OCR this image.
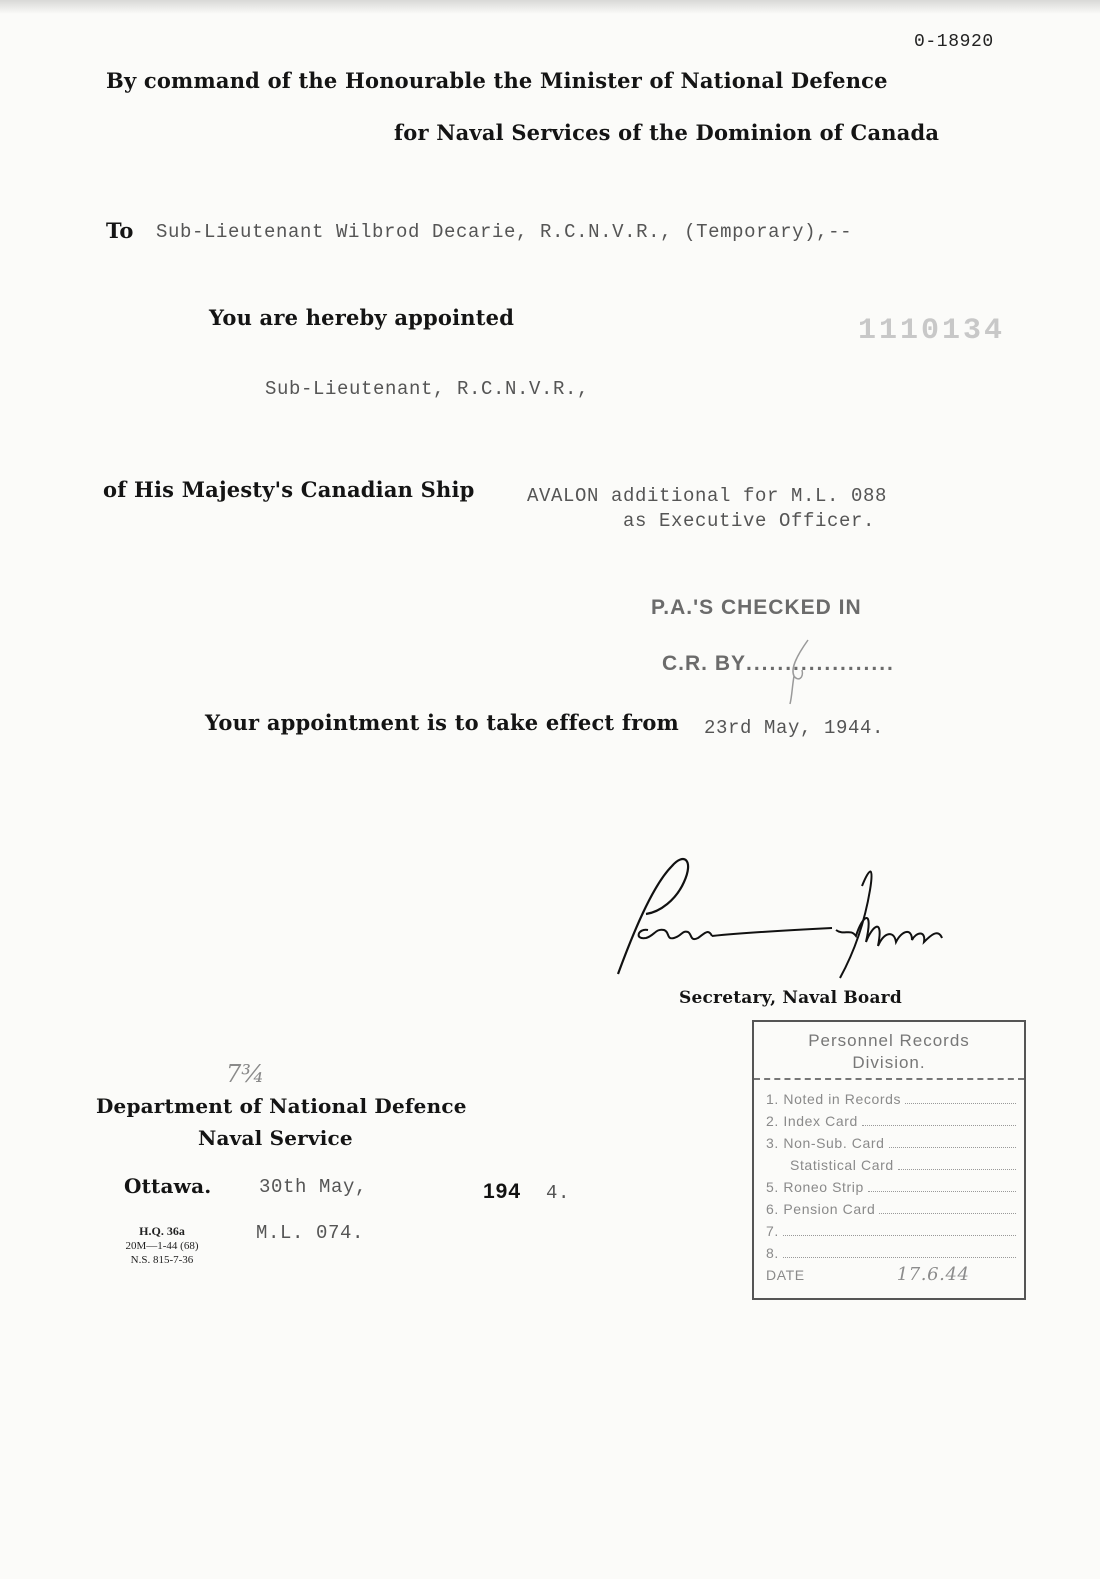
0-18920
By command of the Honourable the Minister of National Defence
for Naval Services of the Dominion of Canada
To Sub-Lieutenant Wilbrod Decarie, R.C.N.V.R., (Temporary),--
You are hereby appointed	1110134
Sub-Lieutenant, R.C.N.V.R.,
of His Majesty's Canadian Ship	AVALON additional for M.L. 088
as Executive Officer.
P.A.'S CHECKED IN
C.R. BY...................
Your appointment is to take effect from 23rd May, 1944.
Secretary, Naval Board
7¾
Department of National Defence
Naval Service
Ottawa.	30th May,	194 4.
H.Q. 36a
20M—1-44 (68)
N.S. 815-7-36
M.L. 074.
Personnel Records
Division.
1. Noted in Records
2. Index Card
3. Non-Sub. Card
Statistical Card
5. Roneo Strip
6. Pension Card
7.
8.
DATE	17.6.44
